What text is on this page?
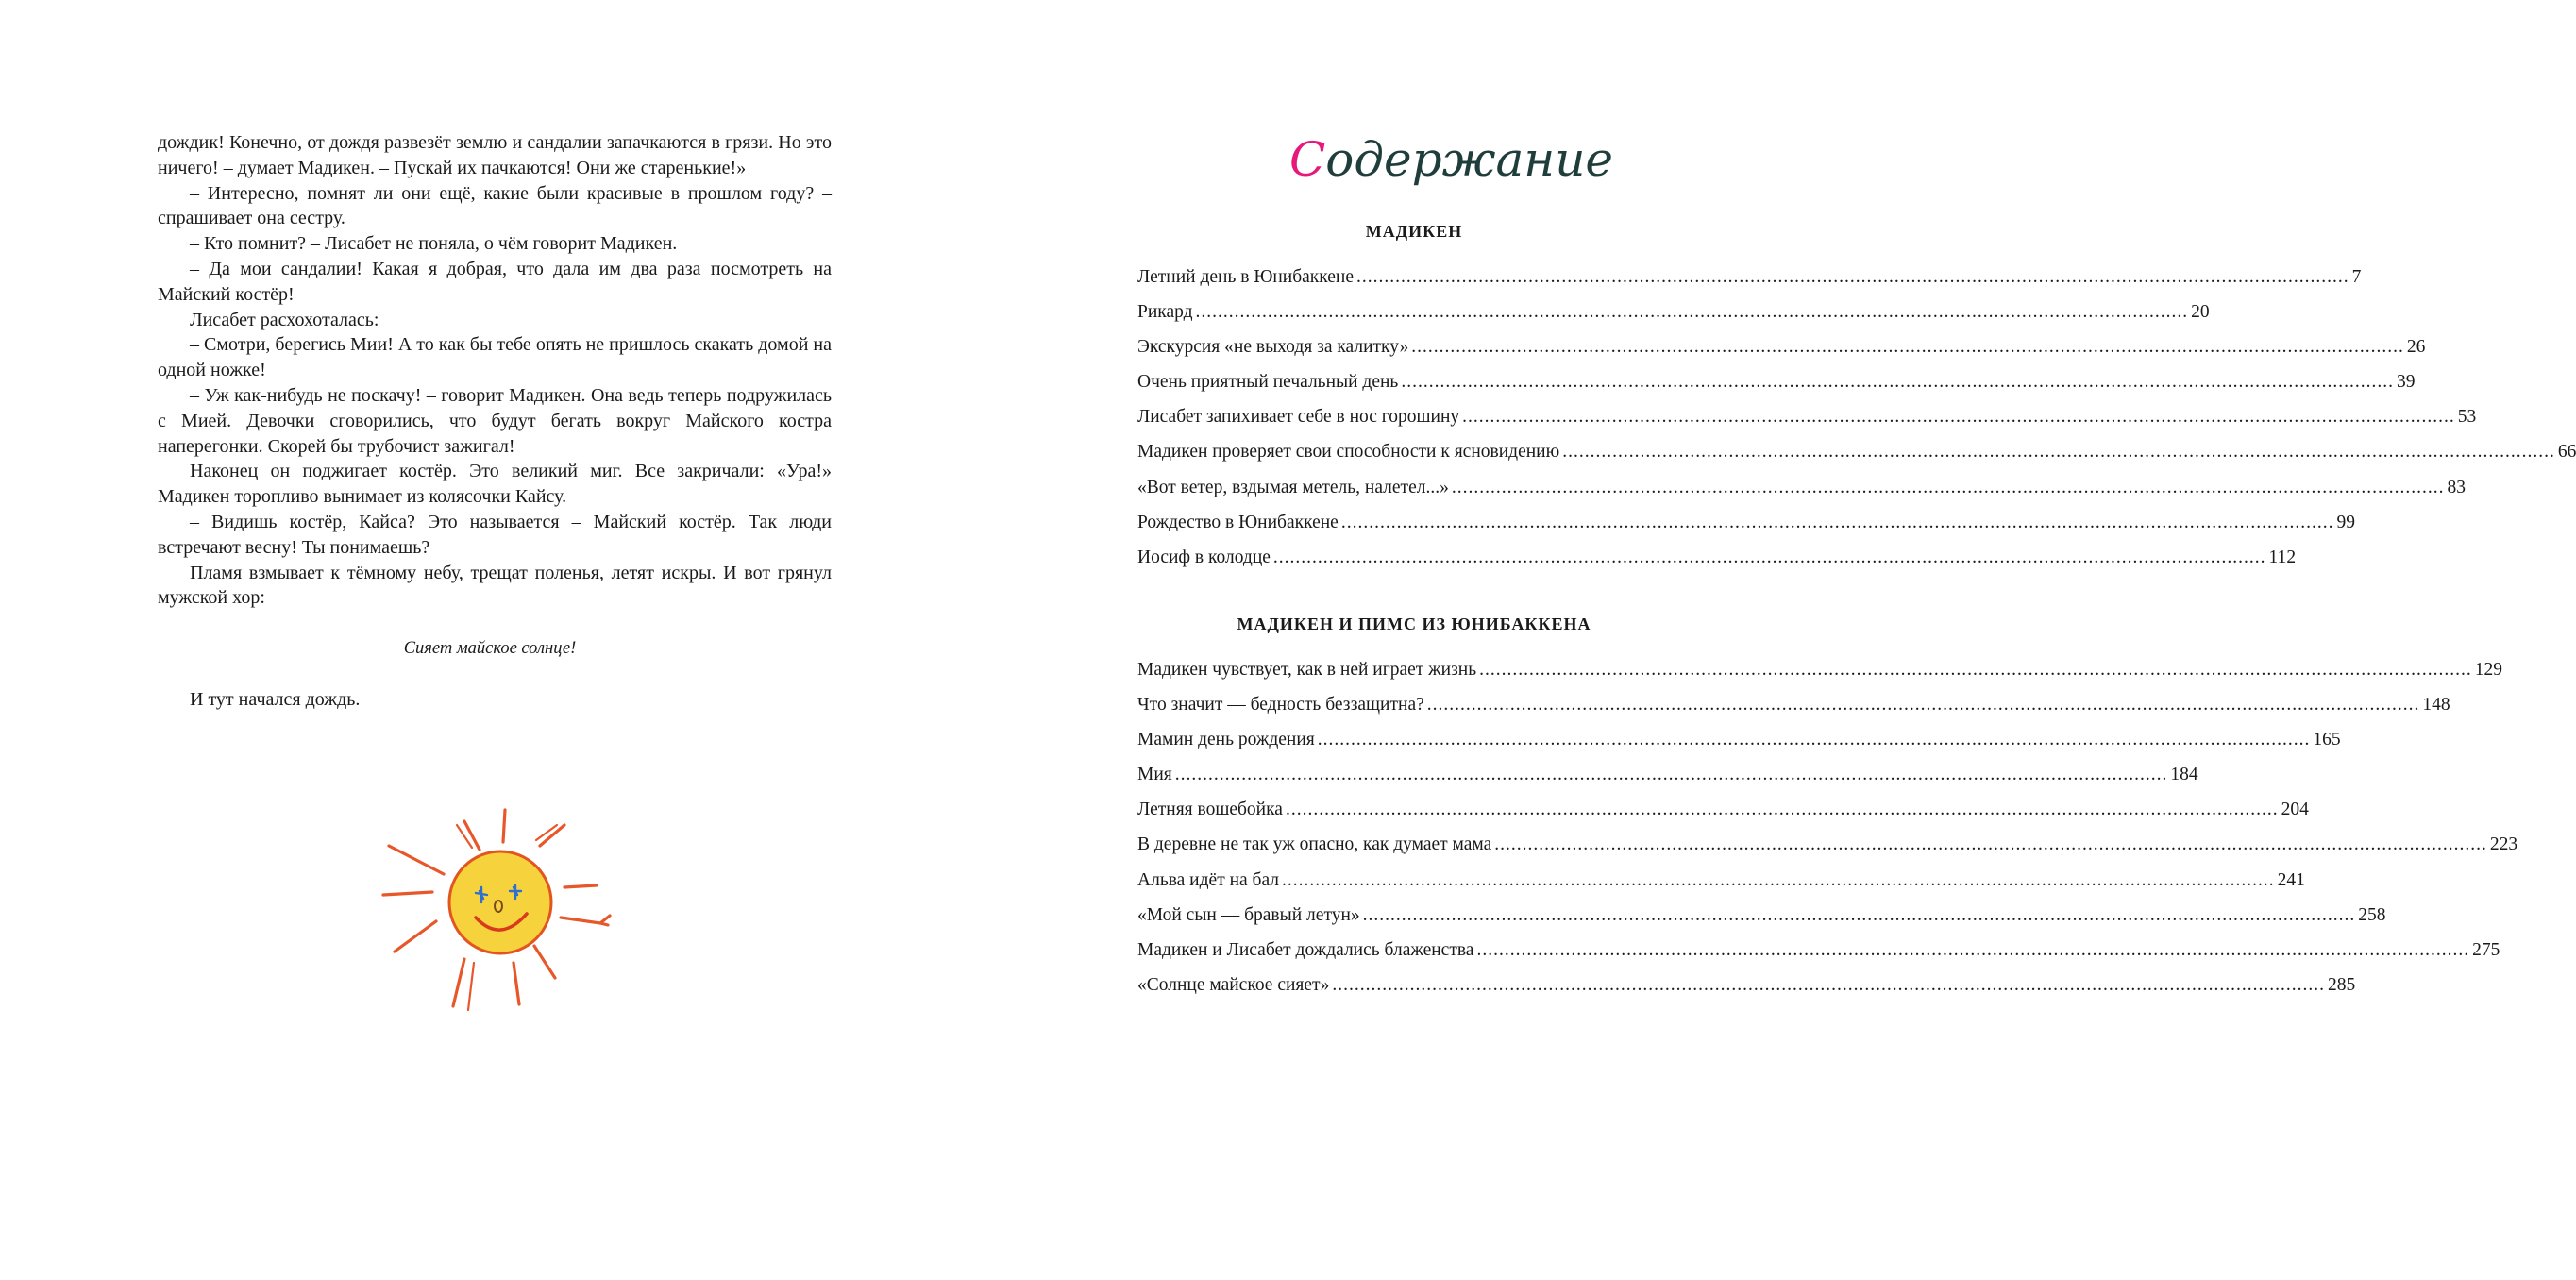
дождик! Конечно, от дождя развезёт землю и сандалии запачкаются в грязи. Но это ничего! – думает Мадикен. – Пускай их пачкаются! Они же старенькие!»

– Интересно, помнят ли они ещё, какие были красивые в прошлом году? – спрашивает она сестру.

– Кто помнит? – Лисабет не поняла, о чём говорит Мадикен.

– Да мои сандалии! Какая я добрая, что дала им два раза посмотреть на Майский костёр!

Лисабет расхохоталась:

– Смотри, берегись Мии! А то как бы тебе опять не пришлось скакать домой на одной ножке!

– Уж как-нибудь не поскачу! – говорит Мадикен. Она ведь теперь подружилась с Мией. Девочки сговорились, что будут бегать вокруг Майского костра наперегонки. Скорей бы трубочист зажигал!

Наконец он поджигает костёр. Это великий миг. Все закричали: «Ура!» Мадикен торопливо вынимает из колясочки Кайсу.

– Видишь костёр, Кайса? Это называется – Майский костёр. Так люди встречают весну! Ты понимаешь?

Пламя взмывает к тёмному небу, трещат поленья, летят искры. И вот грянул мужской хор:

Сияет майское солнце!

И тут начался дождь.

Содержание
МАДИКЕН
Летний день в Юнибаккене .....	7
Рикард .....	20
Экскурсия «не выходя за калитку» .....	26
Очень приятный печальный день .....	39
Лисабет запихивает себе в нос горошину .....	53
Мадикен проверяет свои способности к ясновидению .....	66
«Вот ветер, вздымая метель, налетел...» .....	83
Рождество в Юнибаккене .....	99
Иосиф в колодце .....	112
МАДИКЕН И ПИМС ИЗ ЮНИБАККЕНА
Мадикен чувствует, как в ней играет жизнь .....	129
Что значит — бедность беззащитна? .....	148
Мамин день рождения .....	165
Мия .....	184
Летняя вошебойка .....	204
В деревне не так уж опасно, как думает мама .....	223
Альва идёт на бал .....	241
«Мой сын — бравый летун» .....	258
Мадикен и Лисабет дождались блаженства .....	275
«Солнце майское сияет» .....	285
